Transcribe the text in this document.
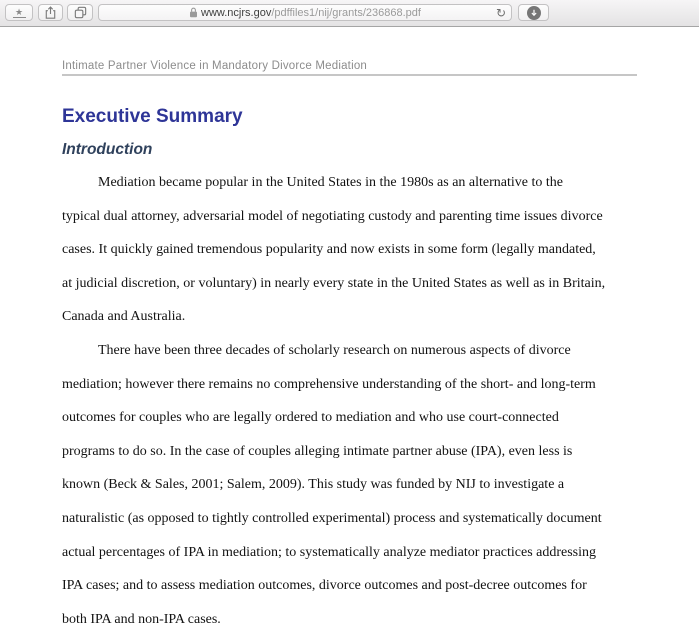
★	www.ncjrs.gov/pdffiles1/nij/grants/236868.pdf	↻
Intimate Partner Violence in Mandatory Divorce Mediation
Executive Summary
Introduction
Mediation became popular in the United States in the 1980s as an alternative to the
typical dual attorney, adversarial model of negotiating custody and parenting time issues divorce
cases. It quickly gained tremendous popularity and now exists in some form (legally mandated,
at judicial discretion, or voluntary) in nearly every state in the United States as well as in Britain,
Canada and Australia.
There have been three decades of scholarly research on numerous aspects of divorce
mediation; however there remains no comprehensive understanding of the short- and long-term
outcomes for couples who are legally ordered to mediation and who use court-connected
programs to do so. In the case of couples alleging intimate partner abuse (IPA), even less is
known (Beck & Sales, 2001; Salem, 2009). This study was funded by NIJ to investigate a
naturalistic (as opposed to tightly controlled experimental) process and systematically document
actual percentages of IPA in mediation; to systematically analyze mediator practices addressing
IPA cases; and to assess mediation outcomes, divorce outcomes and post-decree outcomes for
both IPA and non-IPA cases.
